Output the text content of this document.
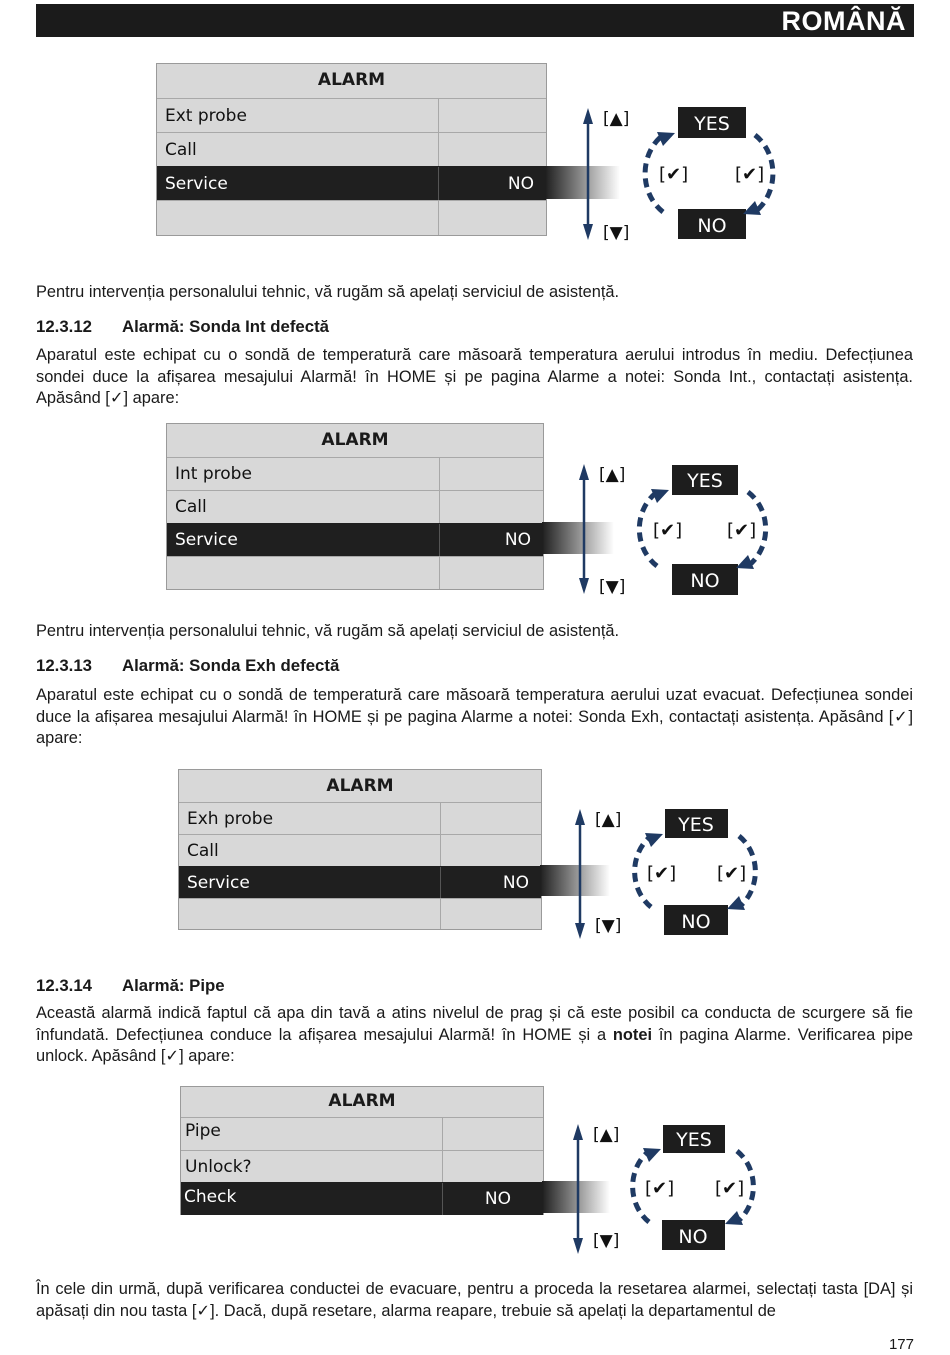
ROMÂNĂ
ALARM
Ext probe
Call
Service	NO
ALARM
Int probe
Call
Service	NO
ALARM
Exh probe
Call
Service	NO
ALARM
Pipe
Unlock?
Check	NO
[▲]
[▼]
YES
NO
[✔]	[✔]
[▲]
[▼]
YES
NO
[✔] [✔]
[▲]
[▼]
YES
NO
[✔] [✔]
[▲]
[▼]
YES
NO
[✔] [✔]

Pentru intervenția personalului tehnic, vă rugăm să apelați serviciul de asistență.

12.3.12 Alarmă: Sonda Int defectă

Aparatul este echipat cu o sondă de temperatură care măsoară temperatura aerului introdus în mediu. Defecțiunea sondei duce la afișarea mesajului Alarmă! în HOME și pe pagina Alarme a notei: Sonda Int., contactați asistența. Apăsând [✓] apare:

Pentru intervenția personalului tehnic, vă rugăm să apelați serviciul de asistență.

12.3.13 Alarmă: Sonda Exh defectă

Aparatul este echipat cu o sondă de temperatură care măsoară temperatura aerului uzat evacuat. Defecțiunea sondei duce la afișarea mesajului Alarmă! în HOME și pe pagina Alarme a notei: Sonda Exh, contactați asistența. Apăsând [✓] apare:

12.3.14 Alarmă: Pipe

Această alarmă indică faptul că apa din tavă a atins nivelul de prag și că este posibil ca conducta de scurgere să fie înfundată. Defecțiunea conduce la afișarea mesajului Alarmă! în HOME și a notei în pagina Alarme. Verificarea pipe unlock. Apăsând [✓] apare:

În cele din urmă, după verificarea conductei de evacuare, pentru a proceda la resetarea alarmei, selectați tasta [DA] și apăsați din nou tasta [✓]. Dacă, după resetare, alarma reapare, trebuie să apelați la departamentul de

177
